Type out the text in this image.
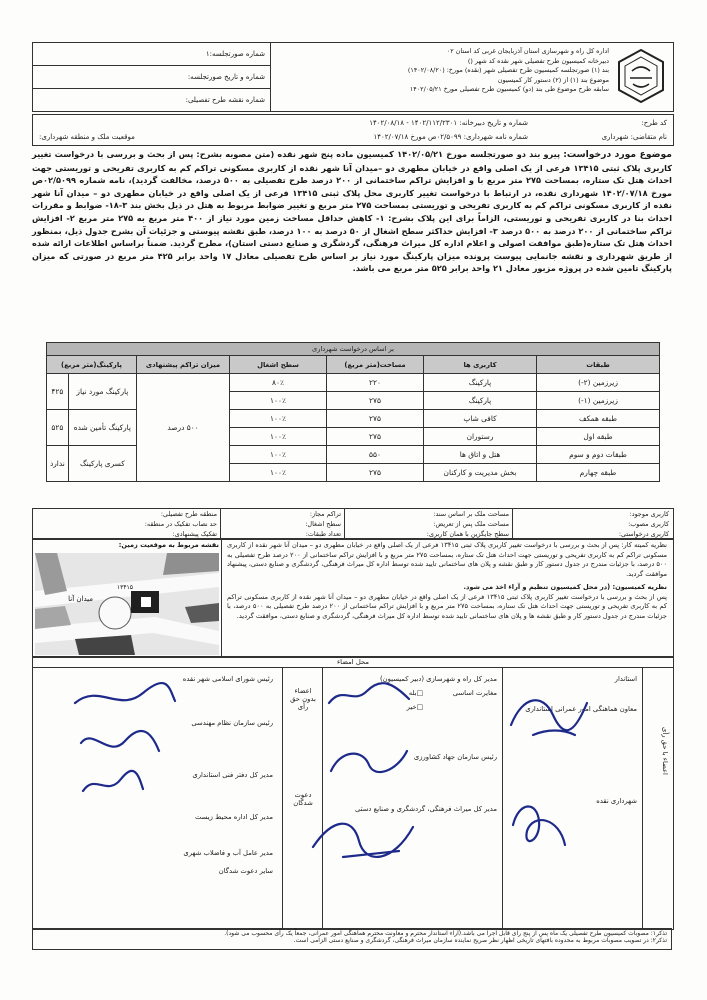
اداره کل راه و شهرسازی استان آذربایجان غربی کد استان ۰۲
دبیرخانه کمیسیون طرح تفصیلی شهر نقده کد شهر ()
بند (۱) صورتجلسه کمیسیون طرح تفصیلی شهر (نقده) مورخ: (۱۴۰۲/۰۸/۲۰)
موضوع بند (۱) از (۲) دستور کار کمیسیون
سابقه طرح موضوع طی بند (دو) کمیسیون طرح تفصیلی مورخ ۱۴۰۲/۰۵/۲۱
شماره صورتجلسه:۱
شماره و تاریخ صورتجلسه:
شماره نقشه طرح تفصیلی:
کد طرح:
نام متقاضی: شهرداری
شماره و تاریخ دبیرخانه: ۱۴۰۲/۱۱۲/۲۳۰۱ - ۱۴۰۲/۰۸/۱۸
شماره نامه شهرداری: ۰۲/۵۰۹۹ص مورخ ۱۴۰۲/۰۷/۱۸
موقعیت ملک و منطقه شهرداری:
موضوع مورد درخواست: پیرو بند دو صورتجلسه مورخ ۱۴۰۲/۰۵/۲۱ کمیسیون ماده پنج شهر نقده (متن مصوبه بشرح: پس از بحث و بررسی با درخواست تغییر کاربری پلاک ثبتی ۱۳۴۱۵ فرعی از یک اصلی واقع در خیابان مطهری دو –میدان آنا شهر نقده از کاربری مسکونی تراکم کم به کاربری تفریحی و توریستی جهت احداث هتل تک ستاره، بمساحت ۲۷۵ متر مربع با و افزایش تراکم ساختمانی از ۲۰۰ درصد طرح تفصیلی به ۵۰۰ درصد، مخالفت گردید)، نامه شماره ۰۲/۵۰۹۹ص مورخ ۱۴۰۲/۰۷/۱۸ شهرداری نقده، در ارتباط با درخواست تغییر کاربری محل پلاک ثبتی ۱۳۴۱۵ فرعی از یک اصلی واقع در خیابان مطهری دو – میدان آنا شهر نقده از کاربری مسکونی تراکم کم به کاربری تفریحی و توریستی بمساحت ۲۷۵ متر مربع و تغییر ضوابط مربوط به هتل در ذیل بخش بند ۳-۱۸- ضوابط و مقررات احداث بنا در کاربری تفریحی و توریستی، الزاماً برای این پلاک بشرح: ۱- کاهش حداقل مساحت زمین مورد نیاز از ۴۰۰ متر مربع به ۲۷۵ متر مربع ۲- افزایش تراکم ساختمانی از ۲۰۰ درصد به ۵۰۰ درصد ۳- افزایش حداکثر سطح اشغال از ۵۰ درصد به ۱۰۰ درصد، طبق نقشه پیوستی و جزئیات آن بشرح جدول ذیل، بمنظور احداث هتل تک ستاره(طبق موافقت اصولی و اعلام اداره کل میراث فرهنگی، گردشگری و صنایع دستی استان)، مطرح گردید. ضمناً براساس اطلاعات ارائه شده از طریق شهرداری و نقشه جانمایی پیوست پرونده میزان پارکینگ مورد نیاز بر اساس طرح تفصیلی معادل ۱۷ واحد برابر ۴۲۵ متر مربع در صورتی که میزان پارکینگ تامین شده در پروژه مزبور معادل ۲۱ واحد برابر ۵۲۵ متر مربع می باشد.
بر اساس درخواست شهرداری
طبقات	کاربری ها	مساحت(متر مربع)	سطح اشغال	میزان تراکم پیشنهادی	پارکینگ(متر مربع)
زیرزمین (۲-)	پارکینگ	۲۲۰	۸۰٪	۵۰۰ درصد	
پارکینگ مورد نیاز	۴۲۵
پارکینگ تأمین شده	۵۲۵
کسری پارکینگ	ندارد

زیرزمین (۱-)	پارکینگ	۲۷۵	۱۰۰٪
طبقه همکف	کافی شاپ	۲۷۵	۱۰۰٪
طبقه اول	رستوران	۲۷۵	۱۰۰٪
طبقات دوم و سوم	هتل و اتاق ها	۵۵۰	۱۰۰٪
طبقه چهارم	بخش مدیریت و کارکنان	۲۷۵	۱۰۰٪
کاربری موجود:
کاربری مصوب:
کاربری درخواستی:
مساحت ملک بر اساس سند:
مساحت ملک پس از تعریض:
سطح جایگزین با همان کاربری:
تراکم مجاز:
سطح اشغال:
تعداد طبقات:
منطقه طرح تفصیلی:
حد نصاب تفکیک در منطقه:
تفکیک پیشنهادی:
نظریه کمیته کار: پس از بحث و بررسی با درخواست تغییر کاربری پلاک ثبتی ۱۳۴۱۵ فرعی از یک اصلی واقع در خیابان مطهری دو – میدان آنا شهر نقده از کاربری مسکونی تراکم کم به کاربری تفریحی و توریستی جهت احداث هتل تک ستاره، بمساحت ۲۷۵ متر مربع و با افزایش تراکم ساختمانی از ۲۰۰ درصد طرح تفصیلی به ۵۰۰ درصد، با جزئیات مندرج در جدول دستور کار و طبق نقشه و پلان های ساختمانی تایید شده توسط اداره کل میراث فرهنگی، گردشگری و صنایع دستی، پیشنهاد موافقت گردید.
نظریه کمیسیون: (در محل کمیسیون تنظیم و آراء اخذ می شود.
پس از بحث و بررسی با درخواست تغییر کاربری پلاک ثبتی ۱۳۴۱۵ فرعی از یک اصلی واقع در خیابان مطهری دو – میدان آنا شهر نقده از کاربری مسکونی تراکم کم به کاربری تفریحی و توریستی جهت احداث هتل تک ستاره، بمساحت ۲۷۵ متر مربع و با افزایش تراکم ساختمانی از ۲۰۰ درصد طرح تفصیلی به ۵۰۰ درصد، با جزئیات مندرج در جدول دستور کار و طبق نقشه ها و پلان های ساختمانی تایید شده توسط اداره کل میراث فرهنگی، گردشگری و صنایع دستی، موافقت گردید.
نقشه مربوط به موقعیت زمین:
میدان آنا
۱۳۴۱۵
محل امضاء
اعضاء با حق رأی
استاندار
معاون هماهنگی امور عمرانی استانداری
شهرداری نقده
مدیر کل راه و شهرسازی (دبیر کمیسیون)
مغایرت اساسی
□بله
□خیر
رئیس سازمان جهاد کشاورزی
مدیر کل میراث فرهنگی، گردشگری و صنایع دستی
اعضاء بدون حق رأی
دعوت شدگان
رئیس شورای اسلامی شهر نقده
رئیس سازمان نظام مهندسی
مدیر کل دفتر فنی استانداری
مدیر کل اداره محیط زیست
مدیر عامل آب و فاضلاب شهری
سایر دعوت شدگان
تذکر۱: مصوبات کمیسیون طرح تفصیلی یک ماه پس از پنج رای قابل اجرا می باشد.(آراء استاندار محترم و معاونت محترم هماهنگی امور عمرانی، جمعاً یک رأی محسوب می شود).
تذکر۲: در تصویب مصوبات مربوط به محدوده بافتهای تاریخی اظهار نظر صریح نماینده سازمان میراث فرهنگی، گردشگری و صنایع دستی الزامی است.
